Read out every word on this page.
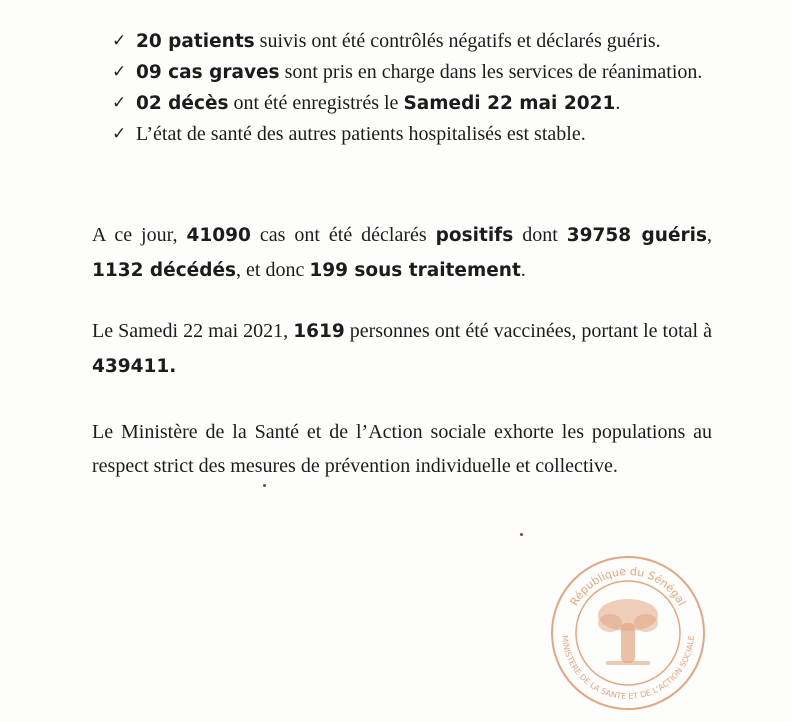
✓ 20 patients suivis ont été contrôlés négatifs et déclarés guéris.
✓ 09 cas graves sont pris en charge dans les services de réanimation.
✓ 02 décès ont été enregistrés le Samedi 22 mai 2021.
✓ L’état de santé des autres patients hospitalisés est stable.
A ce jour, 41090 cas ont été déclarés positifs dont 39758 guéris, 1132 décédés, et donc 199 sous traitement.
Le Samedi 22 mai 2021, 1619 personnes ont été vaccinées, portant le total à 439411.
Le Ministère de la Santé et de l’Action sociale exhorte les populations au respect strict des mesures de prévention individuelle et collective.
République du Sénégal
MINISTERE DE LA SANTE ET DE L'ACTION SOCIALE
